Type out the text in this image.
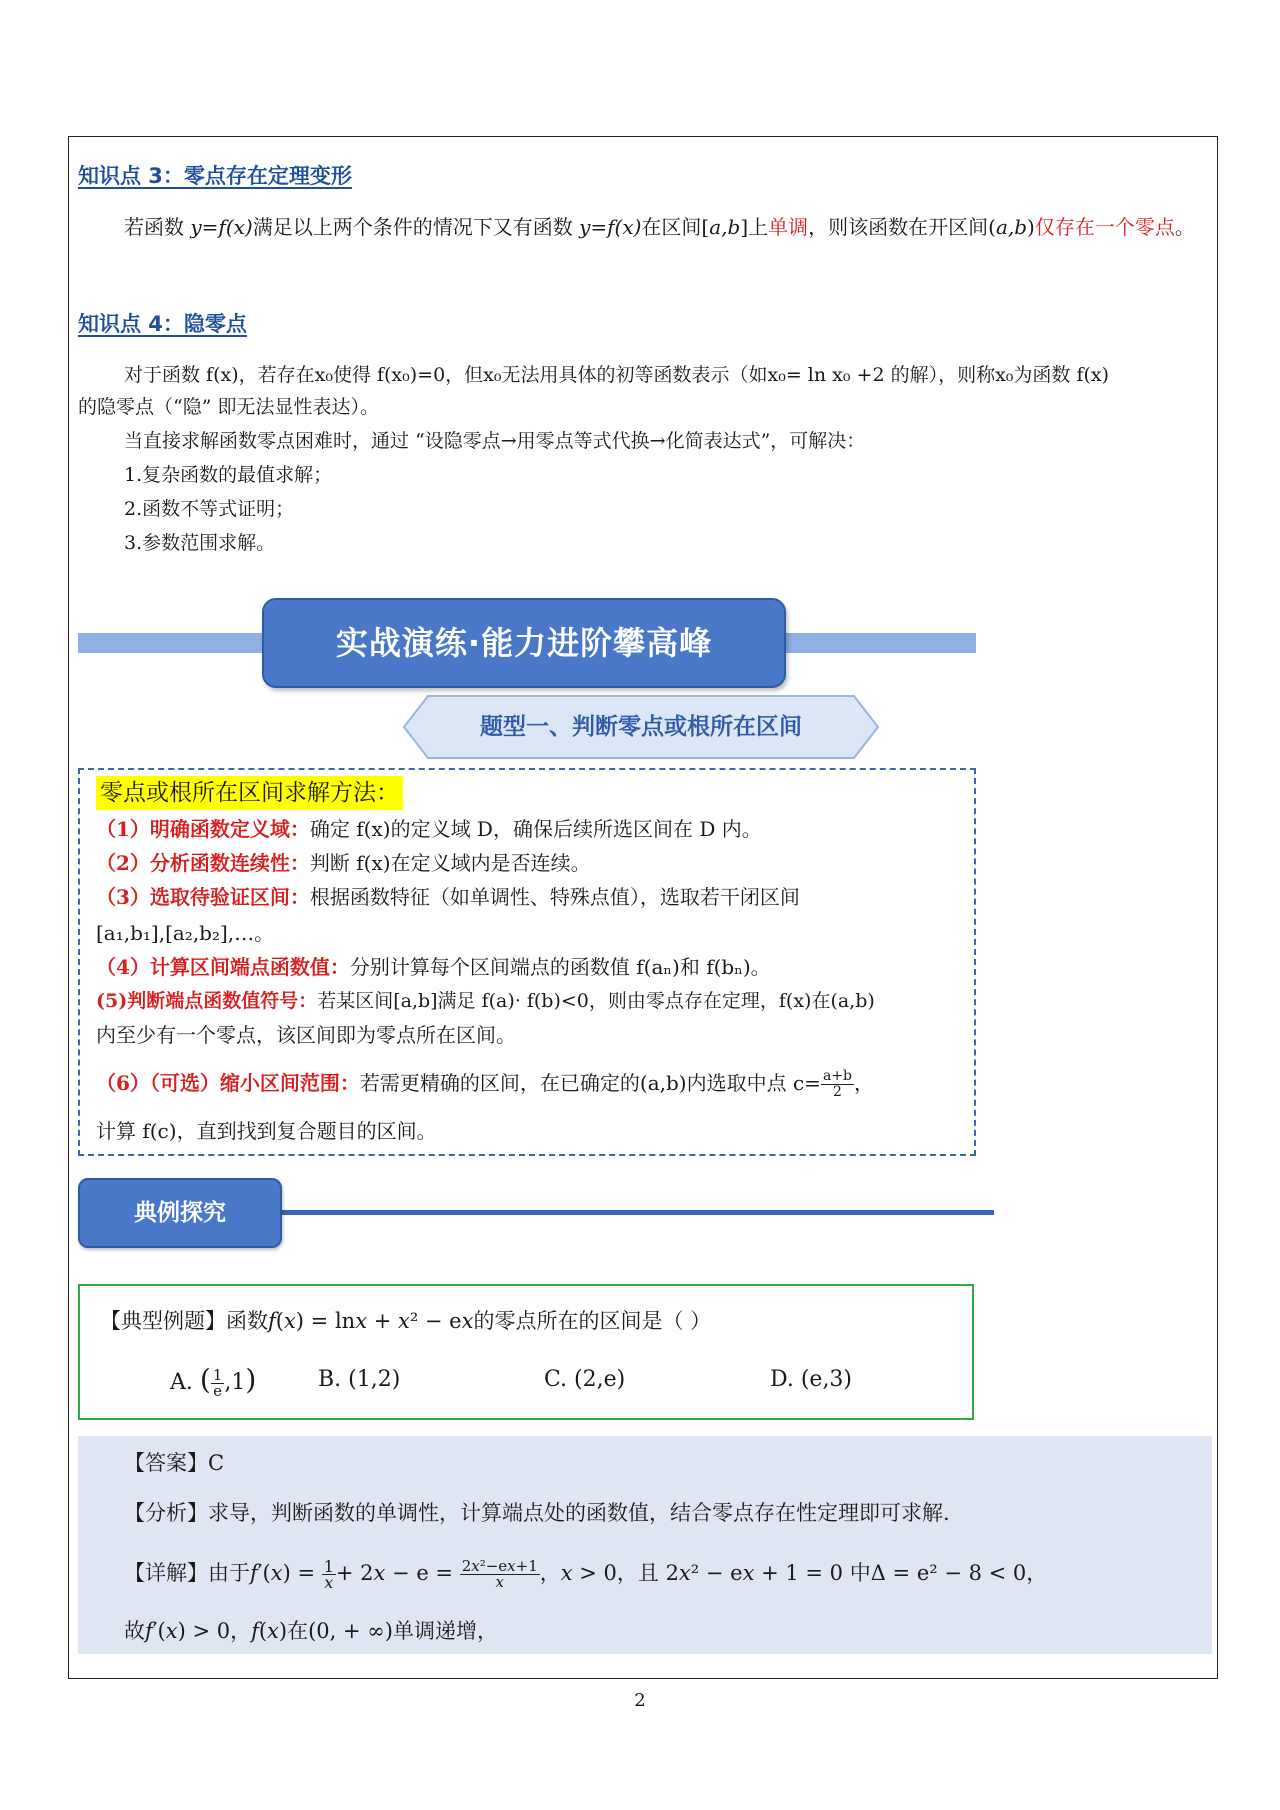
知识点 3：零点存在定理变形
若函数 y=f(x)满足以上两个条件的情况下又有函数 y=f(x)在区间[a,b]上单调，则该函数在开区间(a,b)仅存在一个零点。
知识点 4：隐零点
对于函数 f(x)，若存在x₀使得 f(x₀)=0，但x₀无法用具体的初等函数表示（如x₀= ln x₀ +2 的解），则称x₀为函数 f(x)
的隐零点（“隐” 即无法显性表达）。
当直接求解函数零点困难时，通过 “设隐零点→用零点等式代换→化简表达式”，可解决：
1.复杂函数的最值求解；
2.函数不等式证明；
3.参数范围求解。
实战演练·能力进阶攀高峰
题型一、判断零点或根所在区间
零点或根所在区间求解方法：
（1）明确函数定义域：确定 f(x)的定义域 D，确保后续所选区间在 D 内。
（2）分析函数连续性：判断 f(x)在定义域内是否连续。
（3）选取待验证区间：根据函数特征（如单调性、特殊点值），选取若干闭区间
[a₁,b₁],[a₂,b₂],…。
（4）计算区间端点函数值：分别计算每个区间端点的函数值 f(aₙ)和 f(bₙ)。
(5)判断端点函数值符号：若某区间[a,b]满足 f(a)· f(b)<0，则由零点存在定理，f(x)在(a,b)
内至少有一个零点，该区间即为零点所在区间。
（6）（可选）缩小区间范围：若需更精确的区间，在已确定的(a,b)内选取中点 $c= \frac{a+b}{2}$ ，
计算 f(c)，直到找到复合题目的区间。
典例探究
【典型例题】函数𝑓(𝑥) = ln𝑥 + 𝑥² − e𝑥的零点所在的区间是（ ）
A. ( $\frac{1}{e} ,1$)	B. (1,2)	C. (2,e)	D. (e,3)
【答案】C
【分析】求导，判断函数的单调性，计算端点处的函数值，结合零点存在性定理即可求解.
【详解】由于𝑓′(𝑥) = $\frac{1}{\text{𝑥}}$ + 2𝑥 − $e = \frac{\text{2𝑥²−e𝑥+1}}{\text{𝑥}}$ ，𝑥 > 0，且 2𝑥² − e𝑥 + 1 = 0 中Δ = e² − 8 < 0，
故𝑓′(𝑥) > 0，𝑓(𝑥)在(0, + ∞)单调递增，
2
